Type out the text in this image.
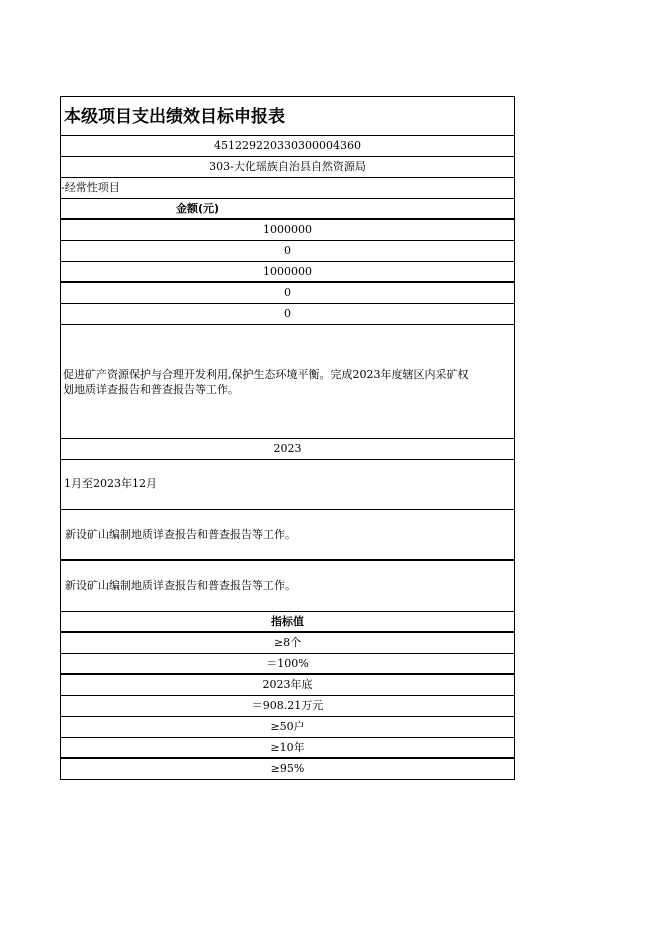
本级项目支出绩效目标申报表
451229220330300004360
303-大化瑶族自治县自然资源局
-经常性项目
金额(元)
1000000
0
1000000
0
0

促进矿产资源保护与合理开发利用,保护生态环境平衡。完成2023年度辖区内采矿权
划地质详查报告和普查报告等工作。

2023
1月至2023年12月
新设矿山编制地质详查报告和普查报告等工作。
新设矿山编制地质详查报告和普查报告等工作。
指标值
≥8个
＝100%
2023年底
＝908.21万元
≥50户
≥10年
≥95%
